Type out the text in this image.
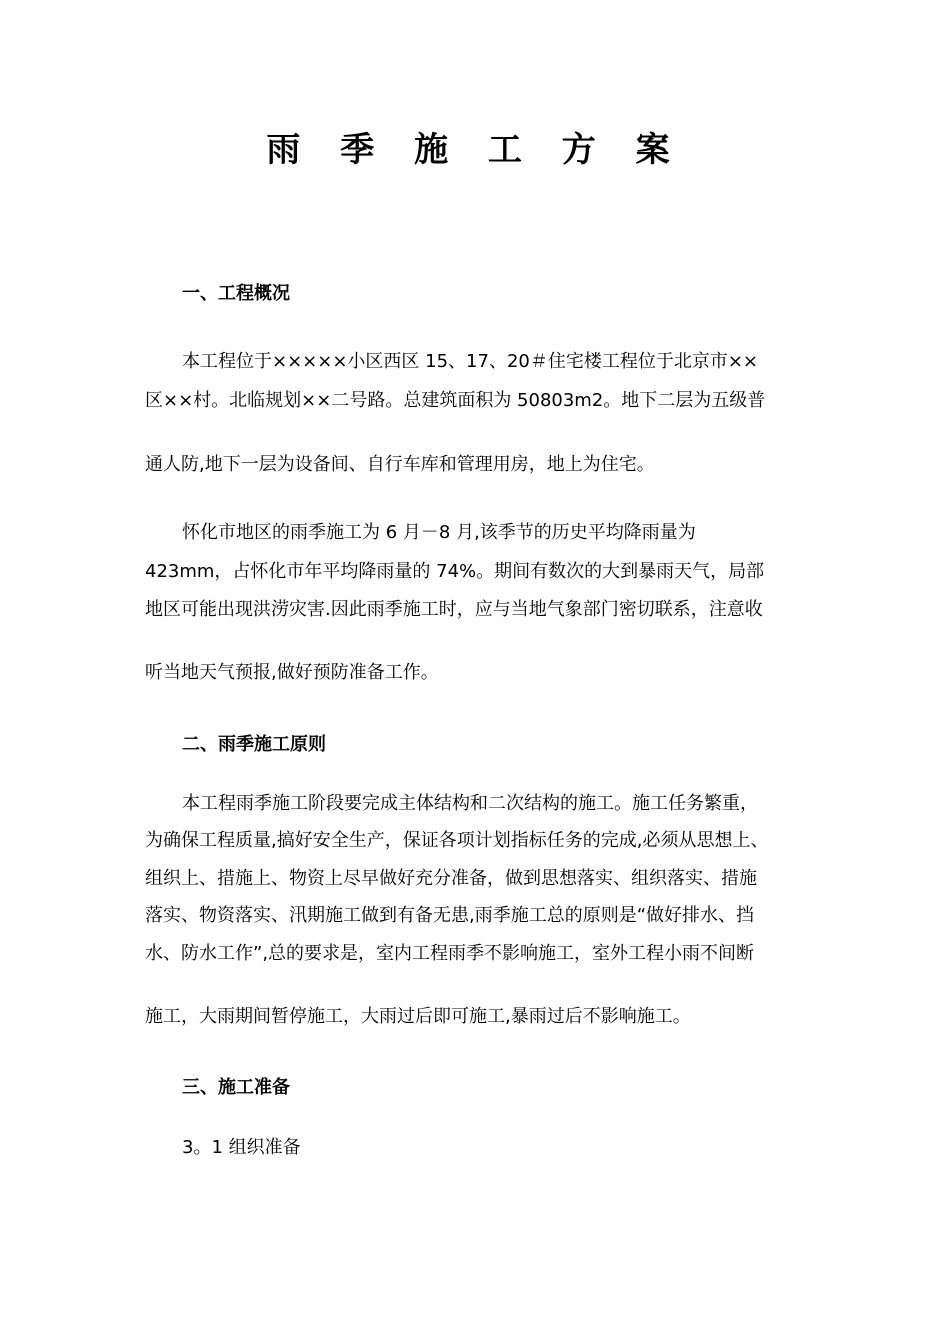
雨 季 施 工 方 案
一、工程概况
本工程位于×××××小区西区 15、17、20＃住宅楼工程位于北京市××
区××村。北临规划××二号路。总建筑面积为 50803m2。地下二层为五级普
通人防,地下一层为设备间、自行车库和管理用房，地上为住宅。
怀化市地区的雨季施工为 6 月－8 月,该季节的历史平均降雨量为
423mm，占怀化市年平均降雨量的 74%。期间有数次的大到暴雨天气，局部
地区可能出现洪涝灾害.因此雨季施工时，应与当地气象部门密切联系，注意收
听当地天气预报,做好预防准备工作。
二、雨季施工原则
本工程雨季施工阶段要完成主体结构和二次结构的施工。施工任务繁重，
为确保工程质量,搞好安全生产，保证各项计划指标任务的完成,必须从思想上、
组织上、措施上、物资上尽早做好充分准备，做到思想落实、组织落实、措施
落实、物资落实、汛期施工做到有备无患,雨季施工总的原则是“做好排水、挡
水、防水工作”,总的要求是，室内工程雨季不影响施工，室外工程小雨不间断
施工，大雨期间暂停施工，大雨过后即可施工,暴雨过后不影响施工。
三、施工准备
3。1 组织准备
